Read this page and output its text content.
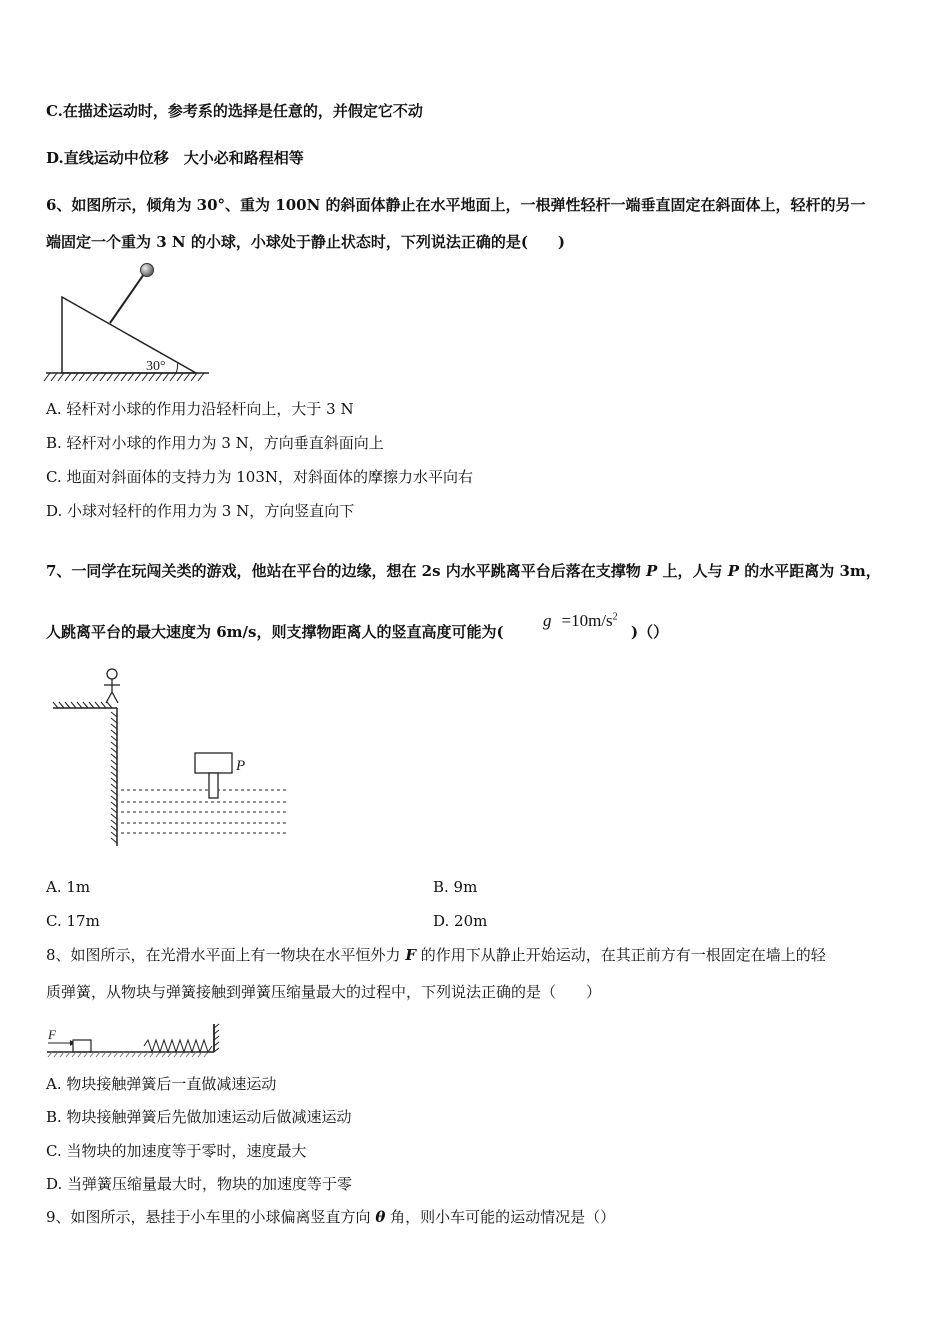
C.在描述运动时，参考系的选择是任意的，并假定它不动
D.直线运动中位移　大小必和路程相等
6、如图所示，倾角为 30°、重为 100N 的斜面体静止在水平地面上，一根弹性轻杆一端垂直固定在斜面体上，轻杆的另一
端固定一个重为 3 N 的小球，小球处于静止状态时，下列说法正确的是(　　)
30°
A. 轻杆对小球的作用力沿轻杆向上，大于 3 N
B. 轻杆对小球的作用力为 3 N，方向垂直斜面向上
C. 地面对斜面体的支持力为 103N，对斜面体的摩擦力水平向右
D. 小球对轻杆的作用力为 3 N，方向竖直向下
7、一同学在玩闯关类的游戏，他站在平台的边缘，想在 2s 内水平跳离平台后落在支撑物 P 上，人与 P 的水平距离为 3m，
人跳离平台的最大速度为 6m/s，则支撑物距离人的竖直高度可能为(
$g =10m/s^2$
)（）
P
A. 1m	B. 9m
C. 17m	D. 20m
8、如图所示，在光滑水平面上有一物块在水平恒外力 F 的作用下从静止开始运动，在其正前方有一根固定在墙上的轻
质弹簧，从物块与弹簧接触到弹簧压缩量最大的过程中，下列说法正确的是（　　）
F
A. 物块接触弹簧后一直做减速运动
B. 物块接触弹簧后先做加速运动后做减速运动
C. 当物块的加速度等于零时，速度最大
D. 当弹簧压缩量最大时，物块的加速度等于零
9、如图所示，悬挂于小车里的小球偏离竖直方向 θ 角，则小车可能的运动情况是（）
